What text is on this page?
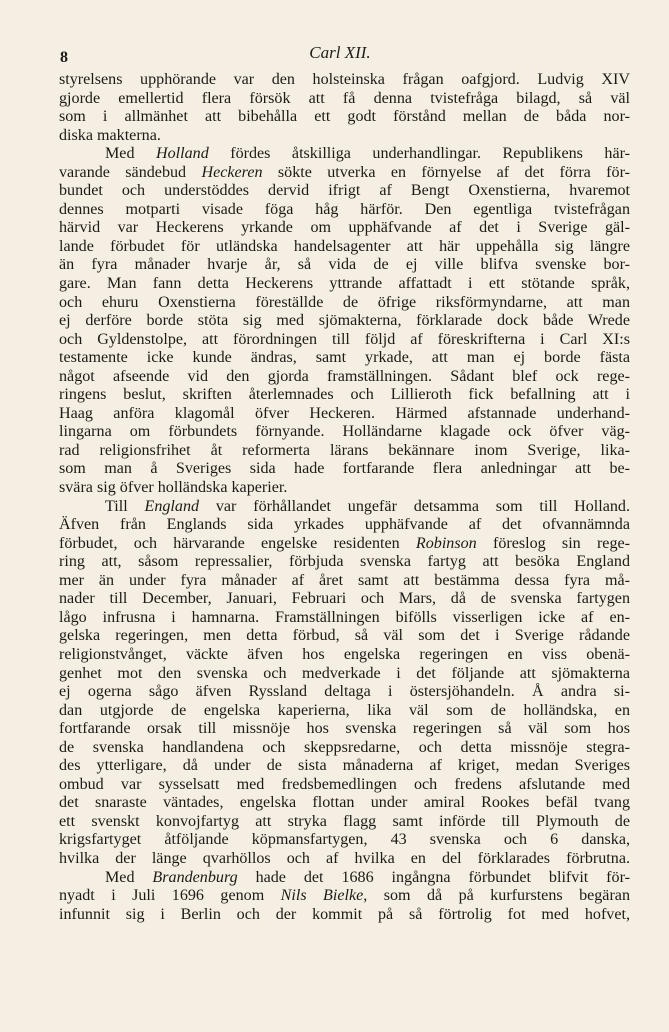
8	Carl XII.
styrelsens upphörande var den holsteinska frågan oafgjord. Ludvig XIV
gjorde emellertid flera försök att få denna tvistefråga bilagd, så väl
som i allmänhet att bibehålla ett godt förstånd mellan de båda nor-
diska makterna.
Med Holland fördes åtskilliga underhandlingar. Republikens här-
varande sändebud Heckeren sökte utverka en förnyelse af det förra för-
bundet och understöddes dervid ifrigt af Bengt Oxenstierna, hvaremot
dennes motparti visade föga håg härför. Den egentliga tvistefrågan
härvid var Heckerens yrkande om upphäfvande af det i Sverige gäl-
lande förbudet för utländska handelsagenter att här uppehålla sig längre
än fyra månader hvarje år, så vida de ej ville blifva svenske bor-
gare. Man fann detta Heckerens yttrande affattadt i ett stötande språk,
och ehuru Oxenstierna föreställde de öfrige riksförmyndarne, att man
ej derföre borde stöta sig med sjömakterna, förklarade dock både Wrede
och Gyldenstolpe, att förordningen till följd af föreskrifterna i Carl XI:s
testamente icke kunde ändras, samt yrkade, att man ej borde fästa
något afseende vid den gjorda framställningen. Sådant blef ock rege-
ringens beslut, skriften återlemnades och Lillieroth fick befallning att i
Haag anföra klagomål öfver Heckeren. Härmed afstannade underhand-
lingarna om förbundets förnyande. Holländarne klagade ock öfver väg-
rad religionsfrihet åt reformerta lärans bekännare inom Sverige, lika-
som man å Sveriges sida hade fortfarande flera anledningar att be-
svära sig öfver holländska kaperier.
Till England var förhållandet ungefär detsamma som till Holland.
Äfven från Englands sida yrkades upphäfvande af det ofvannämnda
förbudet, och härvarande engelske residenten Robinson föreslog sin rege-
ring att, såsom repressalier, förbjuda svenska fartyg att besöka England
mer än under fyra månader af året samt att bestämma dessa fyra må-
nader till December, Januari, Februari och Mars, då de svenska fartygen
lågo infrusna i hamnarna. Framställningen bifölls visserligen icke af en-
gelska regeringen, men detta förbud, så väl som det i Sverige rådande
religionstvånget, väckte äfven hos engelska regeringen en viss obenä-
genhet mot den svenska och medverkade i det följande att sjömakterna
ej ogerna sågo äfven Ryssland deltaga i östersjöhandeln. Å andra si-
dan utgjorde de engelska kaperierna, lika väl som de holländska, en
fortfarande orsak till missnöje hos svenska regeringen så väl som hos
de svenska handlandena och skeppsredarne, och detta missnöje stegra-
des ytterligare, då under de sista månaderna af kriget, medan Sveriges
ombud var sysselsatt med fredsbemedlingen och fredens afslutande med
det snaraste väntades, engelska flottan under amiral Rookes befäl tvang
ett svenskt konvojfartyg att stryka flagg samt införde till Plymouth de
krigsfartyget åtföljande köpmansfartygen, 43 svenska och 6 danska,
hvilka der länge qvarhöllos och af hvilka en del förklarades förbrutna.
Med Brandenburg hade det 1686 ingångna förbundet blifvit för-
nyadt i Juli 1696 genom Nils Bielke, som då på kurfurstens begäran
infunnit sig i Berlin och der kommit på så förtrolig fot med hofvet,
